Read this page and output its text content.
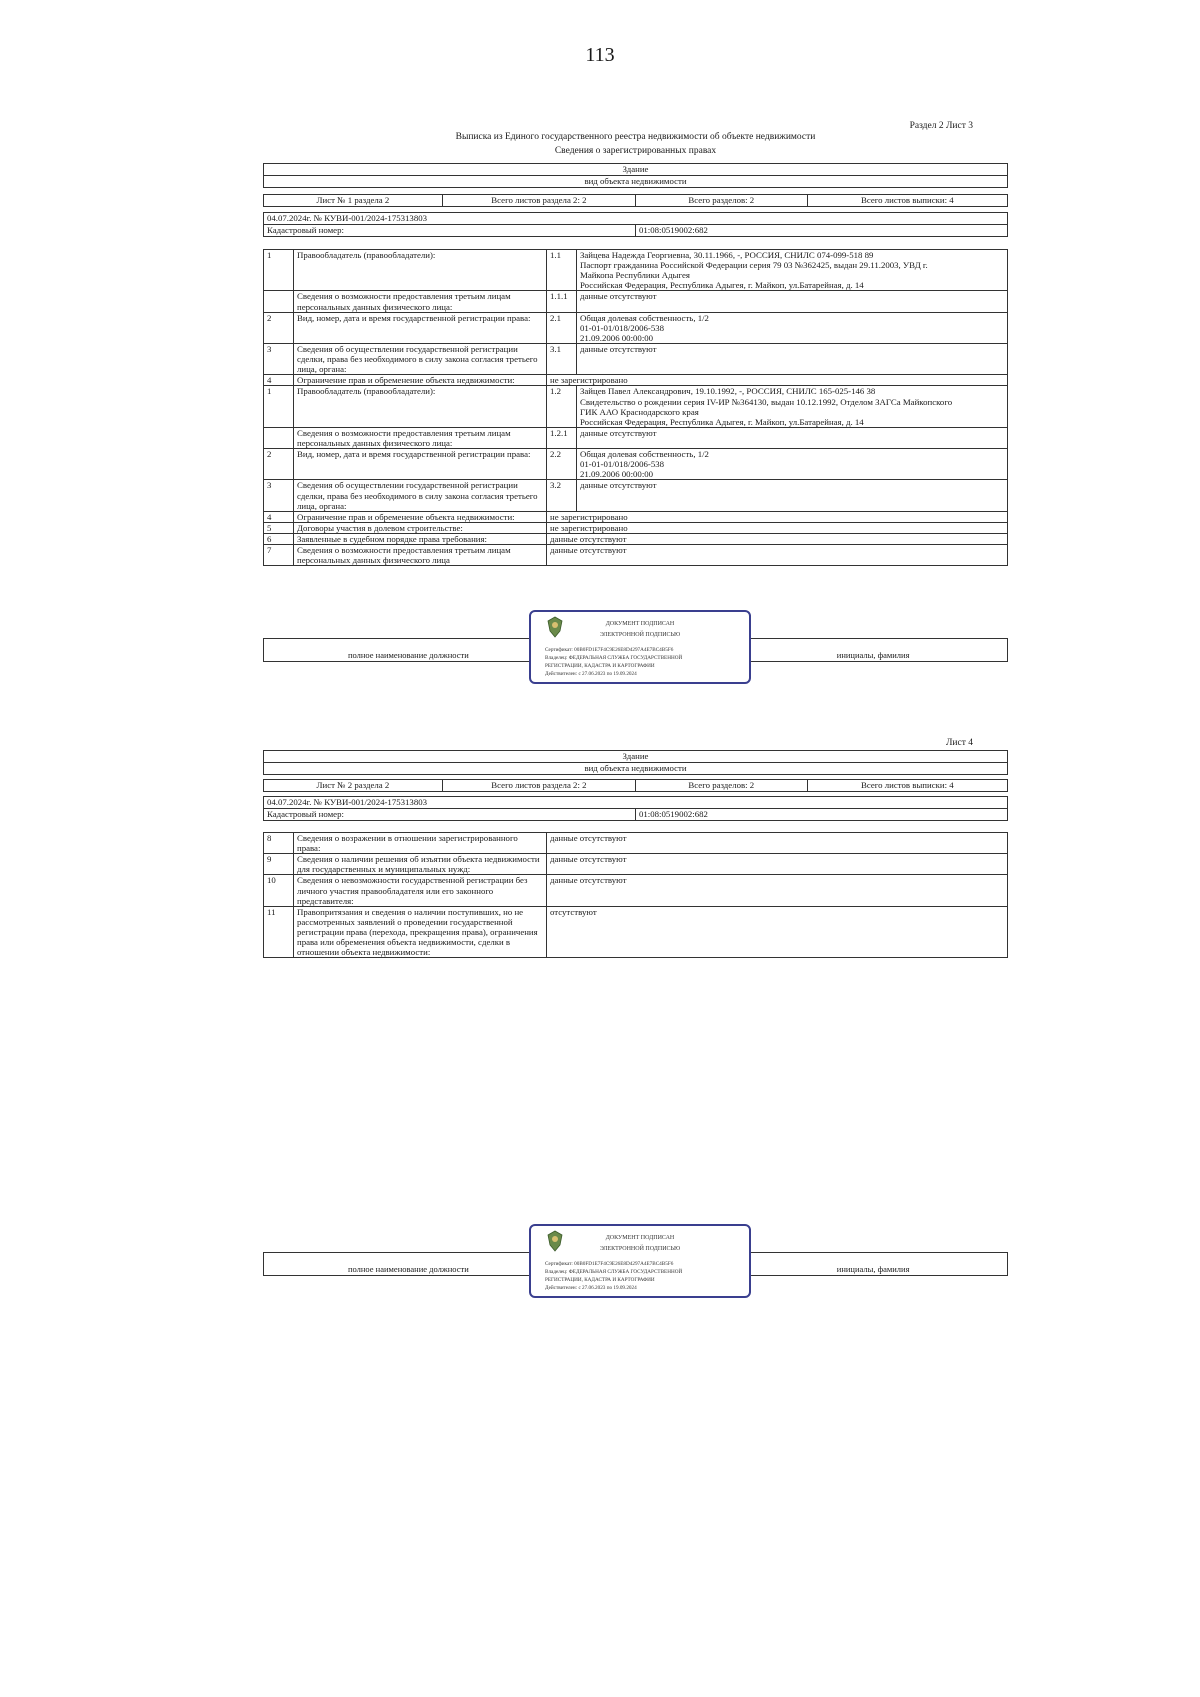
113
Раздел 2 Лист 3
Выписка из Единого государственного реестра недвижимости об объекте недвижимости
Сведения о зарегистрированных правах
Здание
вид объекта недвижимости
Лист № 1 раздела 2	Всего листов раздела 2: 2	Всего разделов: 2	Всего листов выписки: 4
04.07.2024г. № КУВИ-001/2024-175313803
Кадастровый номер:	01:08:0519002:682
1	Правообладатель (правообладатели):	1.1	Зайцева Надежда Георгиевна, 30.11.1966, -, РОССИЯ, СНИЛС 074-099-518 89
Паспорт гражданина Российской Федерации серия 79 03 №362425, выдан 29.11.2003, УВД г.
Майкопа Республики Адыгея
Российская Федерация, Республика Адыгея, г. Майкоп, ул.Батарейная, д. 14

	Сведения о возможности предоставления третьим лицам персональных данных физического лица:	1.1.1	данные отсутствуют

2	Вид, номер, дата и время государственной регистрации права:	2.1	Общая долевая собственность, 1/2
01-01-01/018/2006-538
21.09.2006 00:00:00

3	Сведения об осуществлении государственной регистрации сделки, права без необходимого в силу закона согласия третьего лица, органа:	3.1	данные отсутствуют

4	Ограничение прав и обременение объекта недвижимости:	не зарегистрировано	

1	Правообладатель (правообладатели):	1.2	Зайцев Павел Александрович, 19.10.1992, -, РОССИЯ, СНИЛС 165-025-146 38
Свидетельство о рождении серия IV-ИР №364130, выдан 10.12.1992, Отделом ЗАГСа Майкопского
ГИК ААО Краснодарского края
Российская Федерация, Республика Адыгея, г. Майкоп, ул.Батарейная, д. 14

	Сведения о возможности предоставления третьим лицам персональных данных физического лица:	1.2.1	данные отсутствуют

2	Вид, номер, дата и время государственной регистрации права:	2.2	Общая долевая собственность, 1/2
01-01-01/018/2006-538
21.09.2006 00:00:00

3	Сведения об осуществлении государственной регистрации сделки, права без необходимого в силу закона согласия третьего лица, органа:	3.2	данные отсутствуют

4	Ограничение прав и обременение объекта недвижимости:	не зарегистрировано	

5	Договоры участия в долевом строительстве:	не зарегистрировано	

6	Заявленные в судебном порядке права требования:	данные отсутствуют	

7	Сведения о возможности предоставления третьим лицам персональных данных физического лица	данные отсутствуют	
полное наименование должности		инициалы, фамилия
ДОКУМЕНТ ПОДПИСАН
ЭЛЕКТРОННОЙ ПОДПИСЬЮ
Сертификат: 00B0FD1E7F4C9E26E8D4297A4E7BC4B5F6
Владелец: ФЕДЕРАЛЬНАЯ СЛУЖБА ГОСУДАРСТВЕННОЙ
РЕГИСТРАЦИИ, КАДАСТРА И КАРТОГРАФИИ
Действителен: с 27.06.2023 по 19.09.2024
Лист 4
Здание
вид объекта недвижимости
Лист № 2 раздела 2	Всего листов раздела 2: 2	Всего разделов: 2	Всего листов выписки: 4
04.07.2024г. № КУВИ-001/2024-175313803
Кадастровый номер:	01:08:0519002:682
8	Сведения о возражении в отношении зарегистрированного права:	данные отсутствуют
9	Сведения о наличии решения об изъятии объекта недвижимости для государственных и муниципальных нужд:	данные отсутствуют
10	Сведения о невозможности государственной регистрации без личного участия правообладателя или его законного представителя:	данные отсутствуют
11	Правопритязания и сведения о наличии поступивших, но не рассмотренных заявлений о проведении государственной регистрации права (перехода, прекращения права), ограничения права или обременения объекта недвижимости, сделки в отношении объекта недвижимости:	отсутствуют
полное наименование должности		инициалы, фамилия
ДОКУМЕНТ ПОДПИСАН
ЭЛЕКТРОННОЙ ПОДПИСЬЮ
Сертификат: 00B0FD1E7F4C9E26E8D4297A4E7BC4B5F6
Владелец: ФЕДЕРАЛЬНАЯ СЛУЖБА ГОСУДАРСТВЕННОЙ
РЕГИСТРАЦИИ, КАДАСТРА И КАРТОГРАФИИ
Действителен: с 27.06.2023 по 19.09.2024
